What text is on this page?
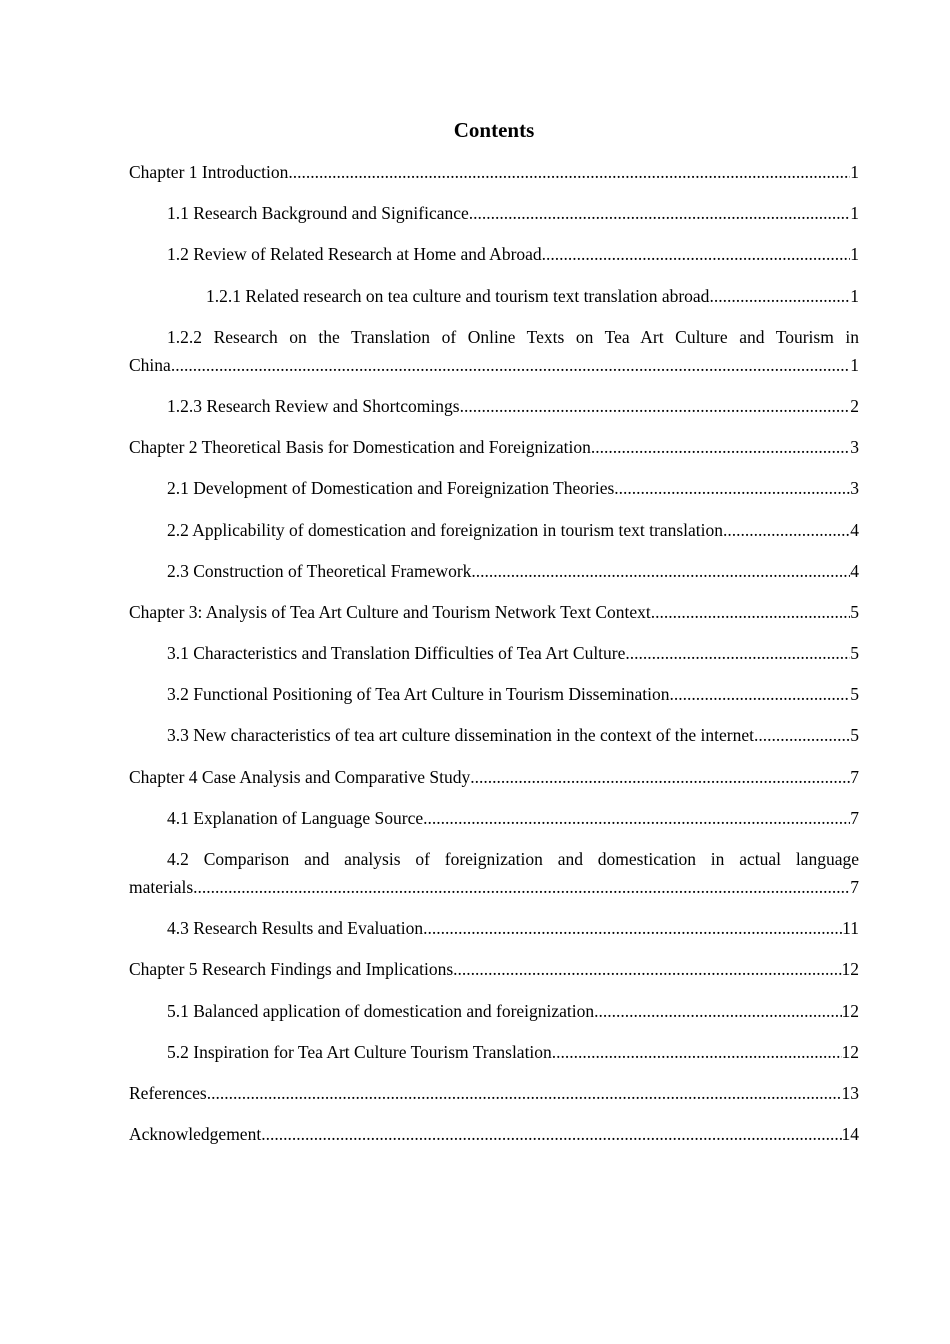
Contents
Chapter 1 Introduction .....	1
1.1 Research Background and Significance .....	1
1.2 Review of Related Research at Home and Abroad .....	1
1.2.1 Related research on tea culture and tourism text translation abroad .....	1
1.2.2 Research on the Translation of Online Texts on Tea Art Culture and Tourism in
China .....	1
1.2.3 Research Review and Shortcomings .....	2
Chapter 2 Theoretical Basis for Domestication and Foreignization .....	3
2.1 Development of Domestication and Foreignization Theories .....	3
2.2 Applicability of domestication and foreignization in tourism text translation .....	4
2.3 Construction of Theoretical Framework .....	4
Chapter 3: Analysis of Tea Art Culture and Tourism Network Text Context .....	5
3.1 Characteristics and Translation Difficulties of Tea Art Culture .....	5
3.2 Functional Positioning of Tea Art Culture in Tourism Dissemination .....	5
3.3 New characteristics of tea art culture dissemination in the context of the internet .....	5
Chapter 4 Case Analysis and Comparative Study .....	7
4.1 Explanation of Language Source .....	7
4.2 Comparison and analysis of foreignization and domestication in actual language
materials .....	7
4.3 Research Results and Evaluation .....	11
Chapter 5 Research Findings and Implications .....	12
5.1 Balanced application of domestication and foreignization .....	12
5.2 Inspiration for Tea Art Culture Tourism Translation .....	12
References .....	13
Acknowledgement .....	14
